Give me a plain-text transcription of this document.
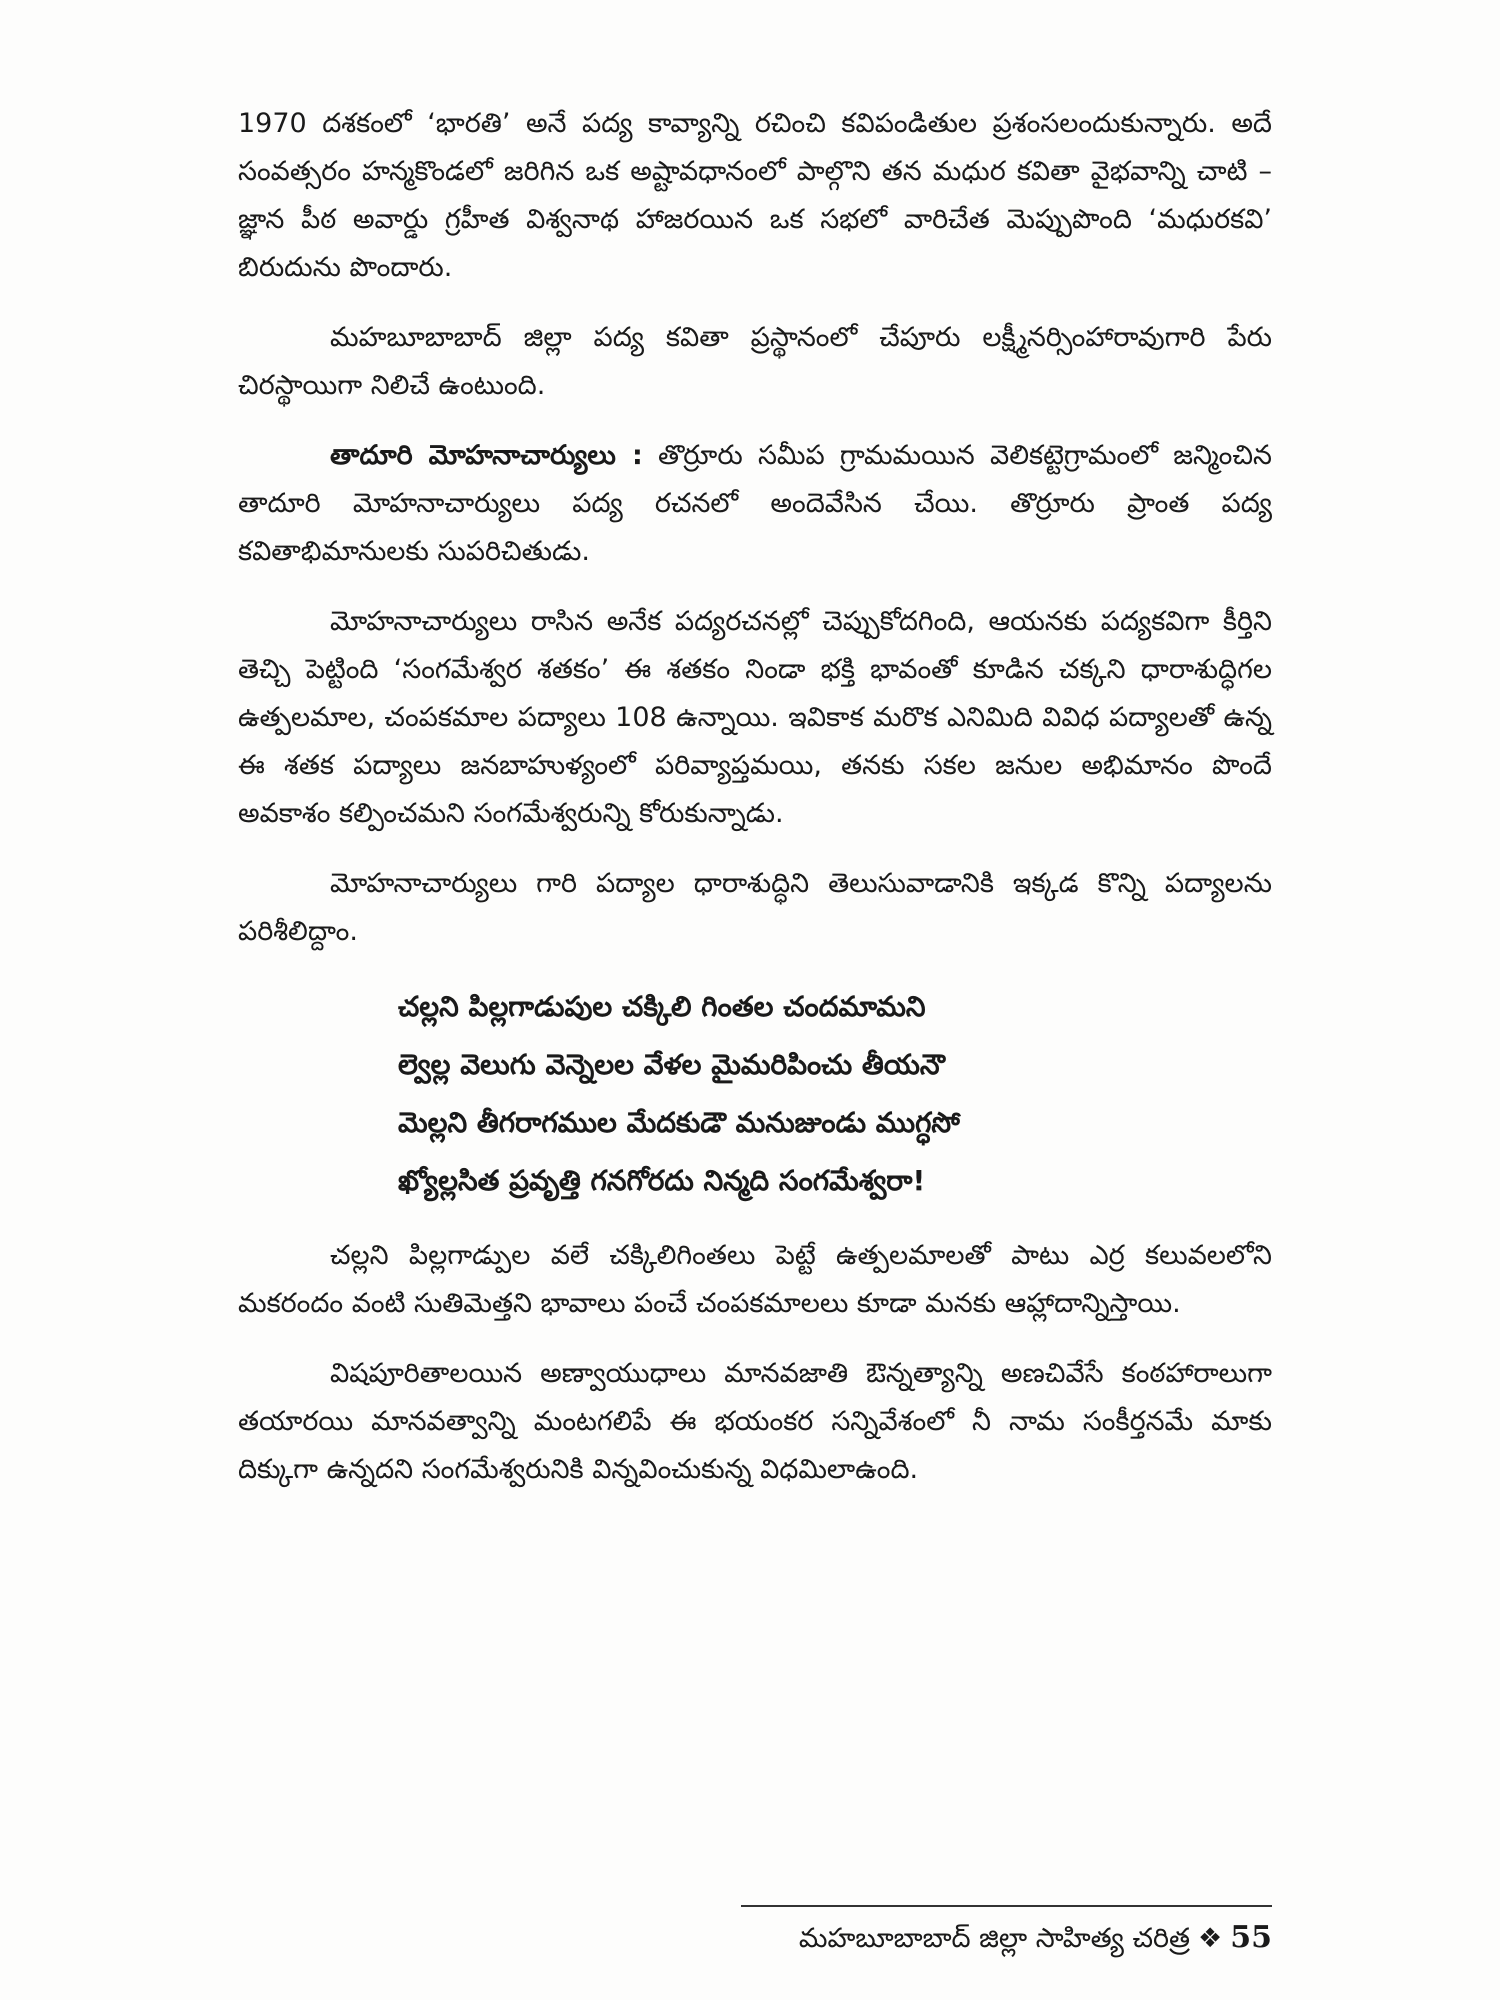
1970 దశకంలో ‘భారతి’ అనే పద్య కావ్యాన్ని రచించి కవిపండితుల ప్రశంసలందుకున్నారు. అదే సంవత్సరం హన్మకొండలో జరిగిన ఒక అష్టావధానంలో పాల్గొని తన మధుర కవితా వైభవాన్ని చాటి – జ్ఞాన పీఠ అవార్డు గ్రహీత విశ్వనాథ హాజరయిన ఒక సభలో వారిచేత మెప్పుపొంది ‘మధురకవి’ బిరుదును పొందారు.

మహబూబాబాద్ జిల్లా పద్య కవితా ప్రస్థానంలో చేపూరు లక్ష్మీనర్సింహారావుగారి పేరు చిరస్థాయిగా నిలిచే ఉంటుంది.

తాదూరి మోహనాచార్యులు : తొర్రూరు సమీప గ్రామమయిన వెలికట్టెగ్రామంలో జన్మించిన తాదూరి మోహనాచార్యులు పద్య రచనలో అందెవేసిన చేయి. తొర్రూరు ప్రాంత పద్య కవితాభిమానులకు సుపరిచితుడు.

మోహనాచార్యులు రాసిన అనేక పద్యరచనల్లో చెప్పుకోదగింది, ఆయనకు పద్యకవిగా కీర్తిని తెచ్చి పెట్టింది ‘సంగమేశ్వర శతకం’ ఈ శతకం నిండా భక్తి భావంతో కూడిన చక్కని ధారాశుద్ధిగల ఉత్పలమాల, చంపకమాల పద్యాలు 108 ఉన్నాయి. ఇవికాక మరొక ఎనిమిది వివిధ పద్యాలతో ఉన్న ఈ శతక పద్యాలు జనబాహుళ్యంలో పరివ్యాప్తమయి, తనకు సకల జనుల అభిమానం పొందే అవకాశం కల్పించమని సంగమేశ్వరున్ని కోరుకున్నాడు.

మోహనాచార్యులు గారి పద్యాల ధారాశుద్ధిని తెలుసువాడానికి ఇక్కడ కొన్ని పద్యాలను పరిశీలిద్దాం.

చల్లని పిల్లగాడుపుల చక్కిలి గింతల చందమామని
ల్వెల్ల వెలుగు వెన్నెలల వేళల మైమరిపించు తీయనౌ
మెల్లని తీగరాగముల మేదకుడౌ మనుజుండు ముగ్ధసో
ఖ్యోల్లసిత ప్రవృత్తి గనగోరదు నిన్మది సంగమేశ్వరా!

చల్లని పిల్లగాడ్పుల వలే చక్కిలిగింతలు పెట్టే ఉత్పలమాలతో పాటు ఎర్ర కలువలలోని మకరందం వంటి సుతిమెత్తని భావాలు పంచే చంపకమాలలు కూడా మనకు ఆహ్లాదాన్నిస్తాయి.

విషపూరితాలయిన అణ్వాయుధాలు మానవజాతి ఔన్నత్యాన్ని అణచివేసే కంఠహారాలుగా తయారయి మానవత్వాన్ని మంటగలిపే ఈ భయంకర సన్నివేశంలో నీ నామ సంకీర్తనమే మాకు దిక్కుగా ఉన్నదని సంగమేశ్వరునికి విన్నవించుకున్న విధమిలాఉంది.

మహబూబాబాద్ జిల్లా సాహిత్య చరిత్ర ❖ 55
